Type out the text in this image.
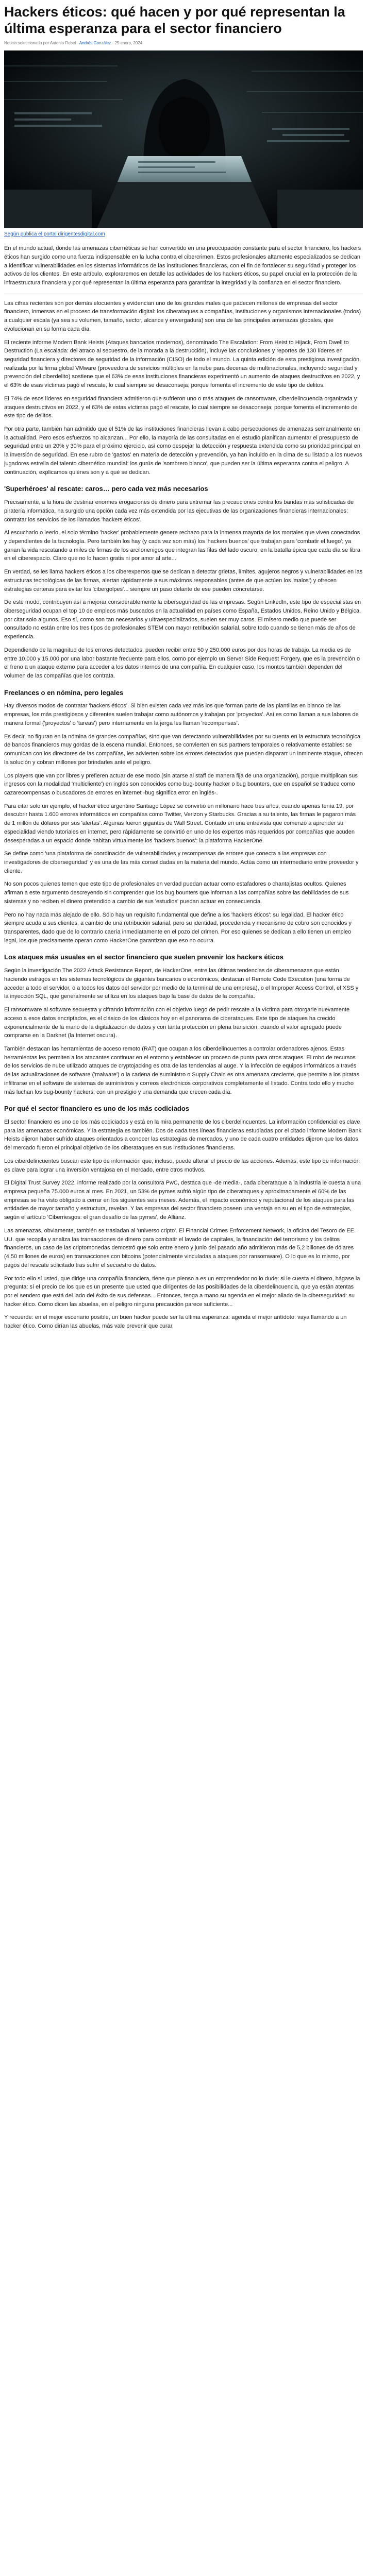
Hackers éticos: qué hacen y por qué representan la última esperanza para el sector financiero
Noticia seleccionada por Antonio Rebel · Andrés González · 25 enero, 2024
Según pública el portal dirigentesdigital.com

En el mundo actual, donde las amenazas cibernéticas se han convertido en una preocupación constante para el sector financiero, los hackers éticos han surgido como una fuerza indispensable en la lucha contra el cibercrimen. Estos profesionales altamente especializados se dedican a identificar vulnerabilidades en los sistemas informáticos de las instituciones financieras, con el fin de fortalecer su seguridad y proteger los activos de los clientes. En este artículo, exploraremos en detalle las actividades de los hackers éticos, su papel crucial en la protección de la infraestructura financiera y por qué representan la última esperanza para garantizar la integridad y la confianza en el sector financiero.

Las cifras recientes son por demás elocuentes y evidencian uno de los grandes males que padecen millones de empresas del sector financiero, inmersas en el proceso de transformación digital: los ciberataques a compañías, instituciones y organismos internacionales (todos) a cualquier escala (ya sea su volumen, tamaño, sector, alcance y envergadura) son una de las principales amenazas globales, que evolucionan en su forma cada día.

El reciente informe Modern Bank Heists (Ataques bancarios modernos), denominado The Escalation: From Heist to Hijack, From Dwell to Destruction (La escalada: del atraco al secuestro, de la morada a la destrucción), incluye las conclusiones y reportes de 130 líderes en seguridad financiera y directores de seguridad de la información (CISO) de todo el mundo. La quinta edición de esta prestigiosa investigación, realizada por la firma global VMware (proveedora de servicios múltiples en la nube para decenas de multinacionales, incluyendo seguridad y prevención del ciberdelito) sostiene que el 63% de esas instituciones financieras experimentó un aumento de ataques destructivos en 2022, y el 63% de esas víctimas pagó el rescate, lo cual siempre se desaconseja; porque fomenta el incremento de este tipo de delitos.

El 74% de esos líderes en seguridad financiera admitieron que sufrieron uno o más ataques de ransomware, ciberdelincuencia organizada y ataques destructivos en 2022, y el 63% de estas víctimas pagó el rescate, lo cual siempre se desaconseja; porque fomenta el incremento de este tipo de delitos.

Por otra parte, también han admitido que el 51% de las instituciones financieras llevan a cabo persecuciones de amenazas semanalmente en la actualidad. Pero esos esfuerzos no alcanzan... Por ello, la mayoría de las consultadas en el estudio planifican aumentar el presupuesto de seguridad entre un 20% y 30% para el próximo ejercicio, así como despejar la detección y respuesta extendida como su prioridad principal en la inversión de seguridad. En ese rubro de 'gastos' en materia de detección y prevención, ya han incluido en la cima de su listado a los nuevos jugadores estrella del talento cibernético mundial: los gurús de 'sombrero blanco', que pueden ser la última esperanza contra el peligro. A continuación, explicamos quiénes son y a qué se dedican.

'Superhéroes' al rescate: caros… pero cada vez más necesarios

Precisamente, a la hora de destinar enormes erogaciones de dinero para extremar las precauciones contra los bandas más sofisticadas de piratería informática, ha surgido una opción cada vez más extendida por las ejecutivas de las organizaciones financieras internacionales: contratar los servicios de los llamados 'hackers éticos'.

Al escucharlo o leerlo, el solo término 'hacker' probablemente genere rechazo para la inmensa mayoría de los mortales que viven conectados y dependientes de la tecnología. Pero también los hay (y cada vez son más) los 'hackers buenos' que trabajan para 'combatir el fuego'; ya ganan la vida rescatando a miles de firmas de los arcilonenigos que integran las filas del lado oscuro, en la batalla épica que cada día se libra en el ciberespacio. Claro que no lo hacen gratis ni por amor al arte...

En verdad, se les llama hackers éticos a los ciberexpertos que se dedican a detectar grietas, límites, agujeros negros y vulnerabilidades en las estructuras tecnológicas de las firmas, alertan rápidamente a sus máximos responsables (antes de que actúen los 'malos') y ofrecen estrategias certeras para evitar los 'cibergolpes'... siempre un paso delante de ese pueden concretarse.

De este modo, contribuyen así a mejorar considerablemente la ciberseguridad de las empresas. Según LinkedIn, este tipo de especialistas en ciberseguridad ocupan el top 10 de empleos más buscados en la actualidad en países como España, Estados Unidos, Reino Unido y Bélgica, por citar solo algunos. Eso sí, como son tan necesarios y ultraespecializados, suelen ser muy caros. El mísero medio que puede ser consultado no están entre los tres tipos de profesionales STEM con mayor retribución salarial, sobre todo cuando se tienen más de años de experiencia.

Dependiendo de la magnitud de los errores detectados, pueden recibir entre 50 y 250.000 euros por dos horas de trabajo. La media es de entre 10.000 y 15.000 por una labor bastante frecuente para ellos, como por ejemplo un Server Side Request Forgery, que es la prevención o el freno a un ataque externo para acceder a los datos internos de una compañía. En cualquier caso, los montos también dependen del volumen de las compañías que los contrata.

Freelances o en nómina, pero legales

Hay diversos modos de contratar 'hackers éticos'. Si bien existen cada vez más los que forman parte de las plantillas en blanco de las empresas, los más prestigiosos y diferentes suelen trabajar como autónomos y trabajan por 'proyectos'. Así es como llaman a sus labores de manera formal ('proyectos' o 'tareas') pero internamente en la jerga les llaman 'recompensas'.

Es decir, no figuran en la nómina de grandes compañías, sino que van detectando vulnerabilidades por su cuenta en la estructura tecnológica de bancos financieros muy gordas de la escena mundial. Entonces, se convierten en sus partners temporales o relativamente estables: se comunican con los directores de las compañías, les advierten sobre los errores detectados que pueden dispararr un inminente ataque, ofrecen la solución y cobran millones por brindarles ante el peligro.

Los players que van por libres y prefieren actuar de ese modo (sin atarse al staff de manera fija de una organización), porque multiplican sus ingresos con la modalidad 'multicliente') en inglés son conocidos como bug-bounty hacker o bug bounters, que en español se traduce como cazarecompensas o buscadores de errores en internet -bug significa error en inglés-.

Para citar solo un ejemplo, el hacker ético argentino Santiago López se convirtió en millonario hace tres años, cuando apenas tenía 19, por descubrir hasta 1.600 errores informáticos en compañías como Twitter, Verizon y Starbucks. Gracias a su talento, las firmas le pagaron más de 1 millón de dólares por sus 'alertas'. Algunas fueron gigantes de Wall Street. Contado en una entrevista que comenzó a aprender su especialidad viendo tutoriales en internet, pero rápidamente se convirtió en uno de los expertos más requeridos por compañías que acuden desesperadas a un espacio donde habitan virtualmente los 'hackers buenos': la plataforma HackerOne.

Se define como 'una plataforma de coordinación de vulnerabilidades y recompensas de errores que conecta a las empresas con investigadores de ciberseguridad' y es una de las más consolidadas en la materia del mundo. Actúa como un intermediario entre proveedor y cliente.

No son pocos quienes temen que este tipo de profesionales en verdad puedan actuar como estafadores o chantajistas ocultos. Quienes afirman a este argumento descreyendo sin comprender que los bug bounters que informan a las compañías sobre las debilidades de sus sistemas y no reciben el dinero pretendido a cambio de sus 'estudios' puedan actuar en consecuencia.

Pero no hay nada más alejado de ello. Sólo hay un requisito fundamental que define a los 'hackers éticos': su legalidad. El hacker ético siempre acuda a sus clientes, a cambio de una retribución salarial, pero su identidad, procedencia y mecanismo de cobro son conocidos y transparentes, dado que de lo contrario caería inmediatamente en el pozo del crimen. Por eso quienes se dedican a ello tienen un empleo legal, los que precisamente operan como HackerOne garantizan que eso no ocurra.

Los ataques más usuales en el sector financiero que suelen prevenir los hackers éticos

Según la investigación The 2022 Attack Resistance Report, de HackerOne, entre las últimas tendencias de ciberamenazas que están haciendo estragos en los sistemas tecnológicos de gigantes bancarios o económicos, destacan el Remote Code Execution (una forma de acceder a todo el servidor, o a todos los datos del servidor por medio de la terminal de una empresa), o el Improper Access Control, el XSS y la inyección SQL, que generalmente se utiliza en los ataques bajo la base de datos de la compañía.

El ransomware al software secuestra y cifrando información con el objetivo luego de pedir rescate a la víctima para otorgarle nuevamente acceso a esos datos encriptados, es el clásico de los clásicos hoy en el panorama de ciberataques. Este tipo de ataques ha crecido exponencialmente de la mano de la digitalización de datos y con tanta protección en plena transición, cuando el valor agregado puede comprarse en la Darknet (la Internet oscura).

También destacan las herramientas de acceso remoto (RAT) que ocupan a los ciberdelincuentes a controlar ordenadores ajenos. Estas herramientas les permiten a los atacantes continuar en el entorno y establecer un proceso de punta para otros ataques. El robo de recursos de los servicios de nube utilizado ataques de cryptojacking es otra de las tendencias al auge. Y la infección de equipos informáticos a través de las actualizaciones de software ('malware') o la cadena de suministro o Supply Chain es otra amenaza creciente, que permite a los piratas infiltrarse en el software de sistemas de suministros y correos electrónicos corporativos completamente el listado. Contra todo ello y mucho más luchan los bug-bounty hackers, con un prestigio y una demanda que crecen cada día.

Por qué el sector financiero es uno de los más codiciados

El sector financiero es uno de los más codiciados y está en la mira permanente de los ciberdelincuentes. La información confidencial es clave para las amenazas económicas. Y la estrategia es también. Dos de cada tres líneas financieras estudiadas por el citado informe Modern Bank Heists dijeron haber sufrido ataques orientados a conocer las estrategias de mercados, y uno de cada cuatro entidades dijeron que los datos del mercado fueron el principal objetivo de los ciberataques en sus instituciones financieras.

Los ciberdelincuentes buscan este tipo de información que, incluso, puede alterar el precio de las acciones. Además, este tipo de información es clave para lograr una inversión ventajosa en el mercado, entre otros motivos.

El Digital Trust Survey 2022, informe realizado por la consultora PwC, destaca que -de media-, cada ciberataque a la industria le cuesta a una empresa pequeña 75.000 euros al mes. En 2021, un 53% de pymes sufrió algún tipo de ciberataques y aproximadamente el 60% de las empresas se ha visto obligado a cerrar en los siguientes seis meses. Además, el impacto económico y reputacional de los ataques para las entidades de mayor tamaño y estructura, revelan. Y las empresas del sector financiero poseen una ventaja en su en el tipo de estrategias, según el artículo 'Ciberriesgos: el gran desafío de las pymes', de Allianz.

Las amenazas, obviamente, también se trasladan al 'universo cripto'. El Financial Crimes Enforcement Network, la oficina del Tesoro de EE. UU. que recopila y analiza las transacciones de dinero para combatir el lavado de capitales, la financiación del terrorismo y los delitos financieros, un caso de las criptomonedas demostró que solo entre enero y junio del pasado año admitieron más de 5,2 billones de dólares (4,50 millones de euros) en transacciones con bitcoins (potencialmente vinculadas a ataques por ransomware). O lo que es lo mismo, por pagos del rescate solicitado tras sufrir el secuestro de datos.

Por todo ello sí usted, que dirige una compañía financiera, tiene que pienso a es un emprendedor no lo dude: si le cuesta el dinero, hágase la pregunta: sí el precio de los que es un presente que usted que dirigentes de las posibilidades de la ciberdelincuencia, que ya están atentas por el sendero que está del lado del éxito de sus defensas... Entonces, tenga a mano su agenda en el mejor aliado de la ciberseguridad: su hacker ético. Como dicen las abuelas, en el peligro ninguna precaución parece suficiente...

Y recuerde: en el mejor escenario posible, un buen hacker puede ser la última esperanza: agenda el mejor antídoto: vaya llamando a un hacker ético. Como dirían las abuelas, más vale prevenir que curar.
